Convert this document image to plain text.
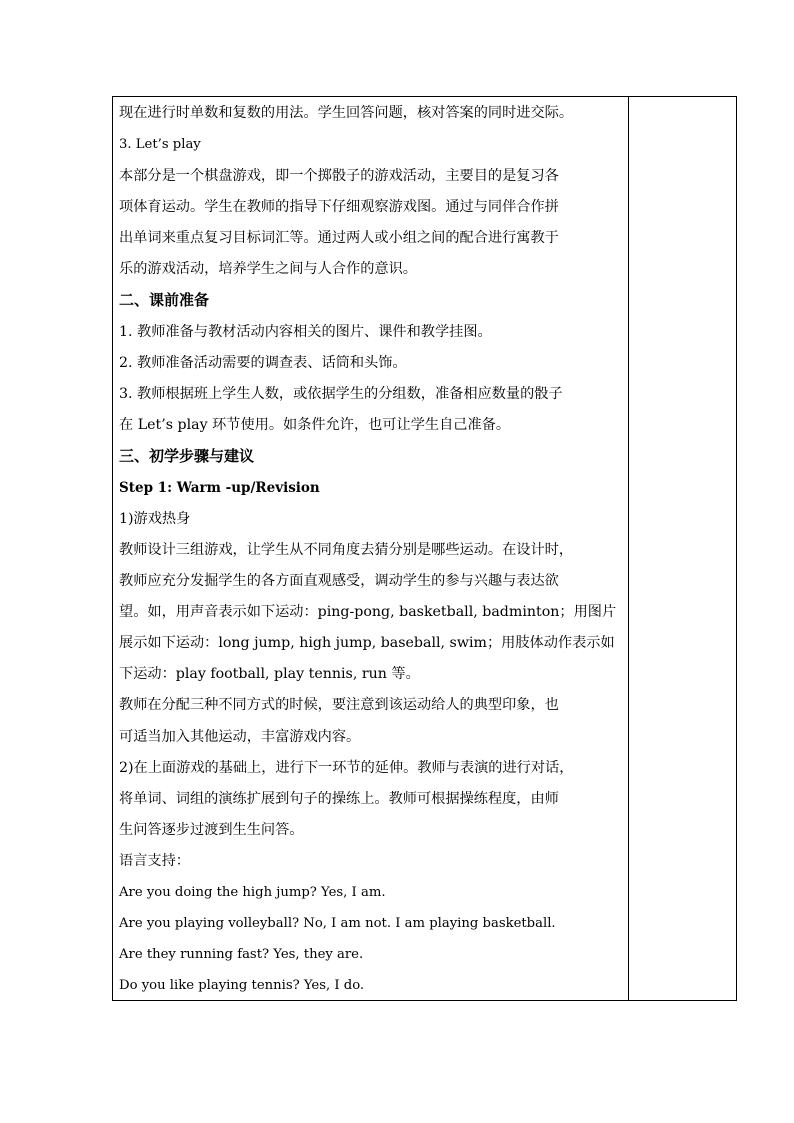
现在进行时单数和复数的用法。学生回答问题，核对答案的同时进交际。
3. Let’s play
本部分是一个棋盘游戏，即一个掷骰子的游戏活动，主要目的是复习各
项体育运动。学生在教师的指导下仔细观察游戏图。通过与同伴合作拼
出单词来重点复习目标词汇等。通过两人或小组之间的配合进行寓教于
乐的游戏活动，培养学生之间与人合作的意识。
二、课前准备
1. 教师准备与教材活动内容相关的图片、课件和教学挂图。
2. 教师准备活动需要的调查表、话筒和头饰。
3. 教师根据班上学生人数，或依据学生的分组数，准备相应数量的骰子
在 Let’s play 环节使用。如条件允许，也可让学生自己准备。
三、初学步骤与建议
Step 1: Warm -up/Revision
1)游戏热身
教师设计三组游戏，让学生从不同角度去猜分别是哪些运动。在设计时，
教师应充分发掘学生的各方面直观感受，调动学生的参与兴趣与表达欲
望。如，用声音表示如下运动：ping-pong, basketball, badminton；用图片
展示如下运动：long jump, high jump, baseball, swim；用肢体动作表示如
下运动：play football, play tennis, run 等。
教师在分配三种不同方式的时候，要注意到该运动给人的典型印象，也
可适当加入其他运动，丰富游戏内容。
2)在上面游戏的基础上，进行下一环节的延伸。教师与表演的进行对话，
将单词、词组的演练扩展到句子的操练上。教师可根据操练程度，由师
生问答逐步过渡到生生问答。
语言支持：
Are you doing the high jump? Yes, I am.
Are you playing volleyball? No, I am not. I am playing basketball.
Are they running fast? Yes, they are.
Do you like playing tennis? Yes, I do.
